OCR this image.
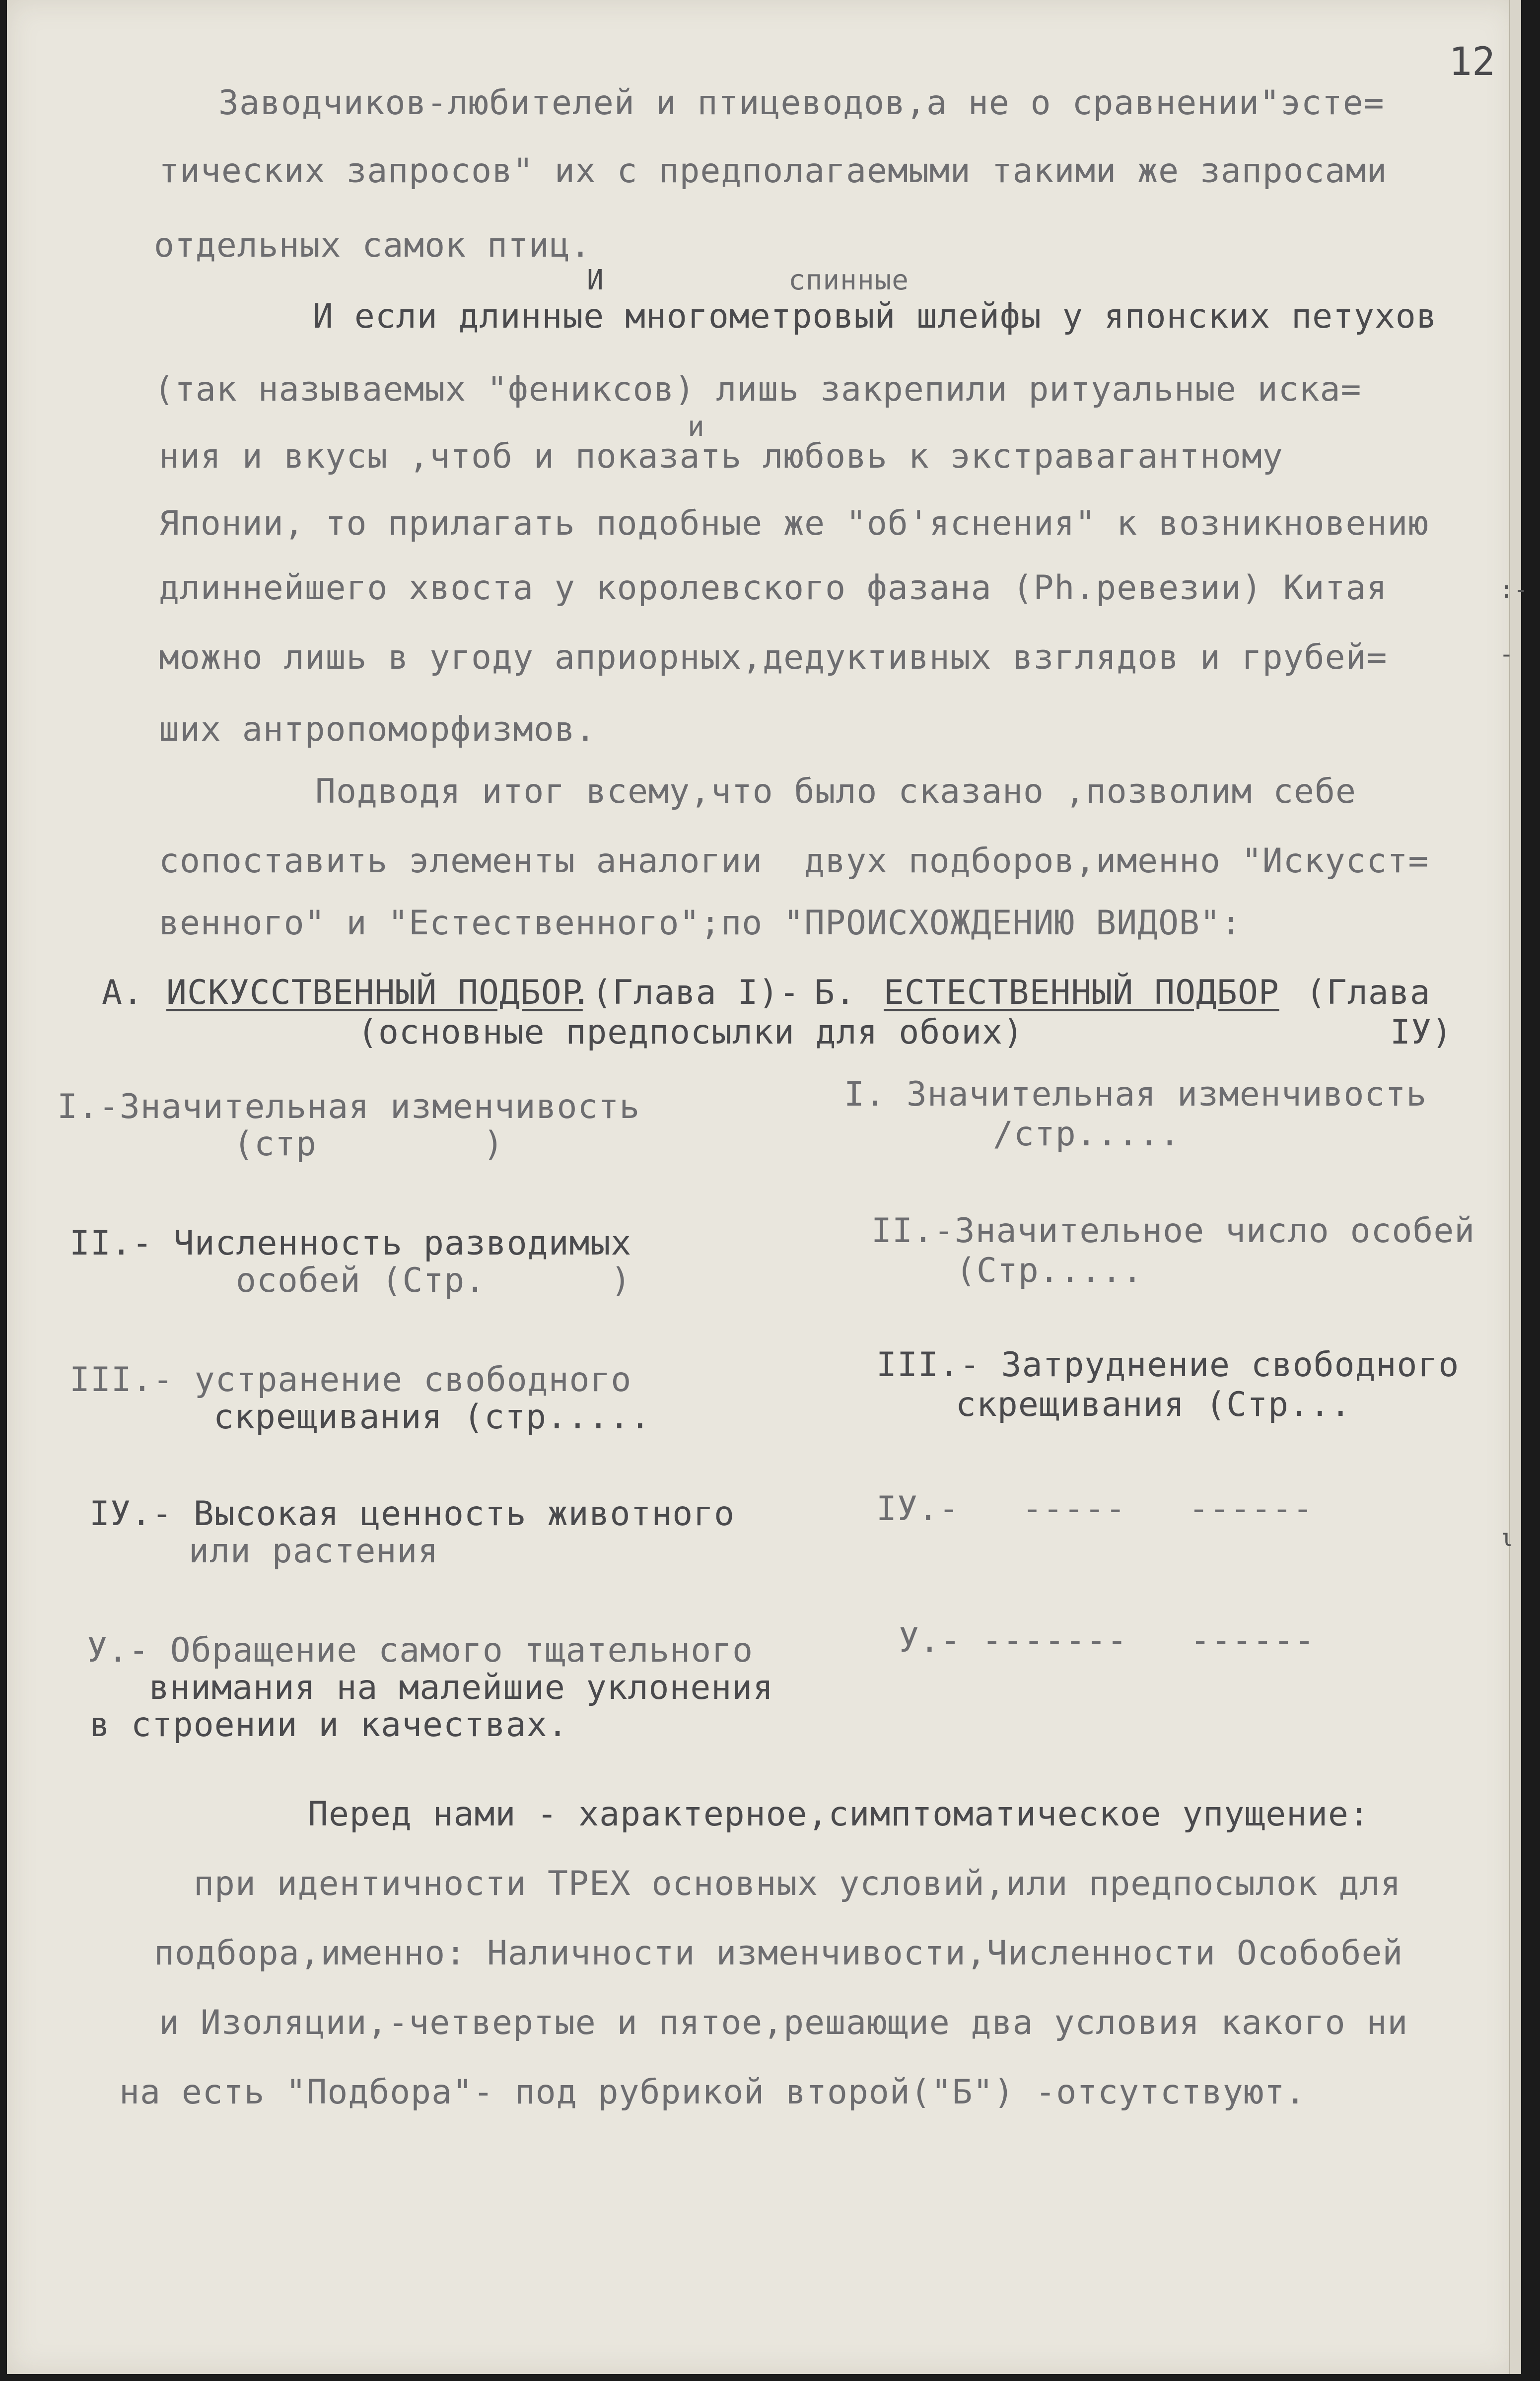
12

Заводчиков-любителей и птицеводов,а не о сравнении"эсте=

тических запросов" их с предполагаемыми такими же запросами

отдельных самок птиц.

И	спинные

И если длинные многометровый шлейфы у японских петухов

(так называемых "фениксов) лишь закрепили ритуальные иска=

и

ния и вкусы ,чтоб и показать любовь к экстравагантному

Японии, то прилагать подобные же "об'яснения" к возникновению

длиннейшего хвоста у королевского фазана (Ph.ревезии) Китая

можно лишь в угоду априорных,дедуктивных взглядов и грубей=

ших антропоморфизмов.

Подводя итог всему,что было сказано ,позволим себе

сопоставить элементы аналогии  двух подборов,именно "Искусст=

венного" и "Естественного";по "ПРОИСХОЖДЕНИЮ ВИДОВ":

А. ИСКУССТВЕННЫЙ ПОДБОР

.(Глава I)- Б. ЕСТЕСТВЕННЫЙ ПОДБОР (Глава

(основные предпосылки для обоих)	IУ)

I.-Значительная изменчивость

(стр        )

II.- Численность разводимых

особей (Стр.      )

III.- устранение свободного

скрещивания (стр.....

IУ.- Высокая ценность животного

или растения

У.- Обращение самого тщательного

внимания на малейшие уклонения

в строении и качествах.

I. Значительная изменчивость

/стр.....

II.-Значительное число особей

(Стр.....

III.- Затруднение свободного

скрещивания (Стр...

IУ.-   -----   ------

У.- -------   ------

Перед нами - характерное,симптоматическое упущение:

при идентичности ТРЕХ основных условий,или предпосылок для

подбора,именно: Наличности изменчивости,Численности Особобей

и Изоляции,-четвертые и пятое,решающие два условия какого ни

на есть "Подбора"- под рубрикой второй("Б") -отсутствуют.

:-
-
ι
